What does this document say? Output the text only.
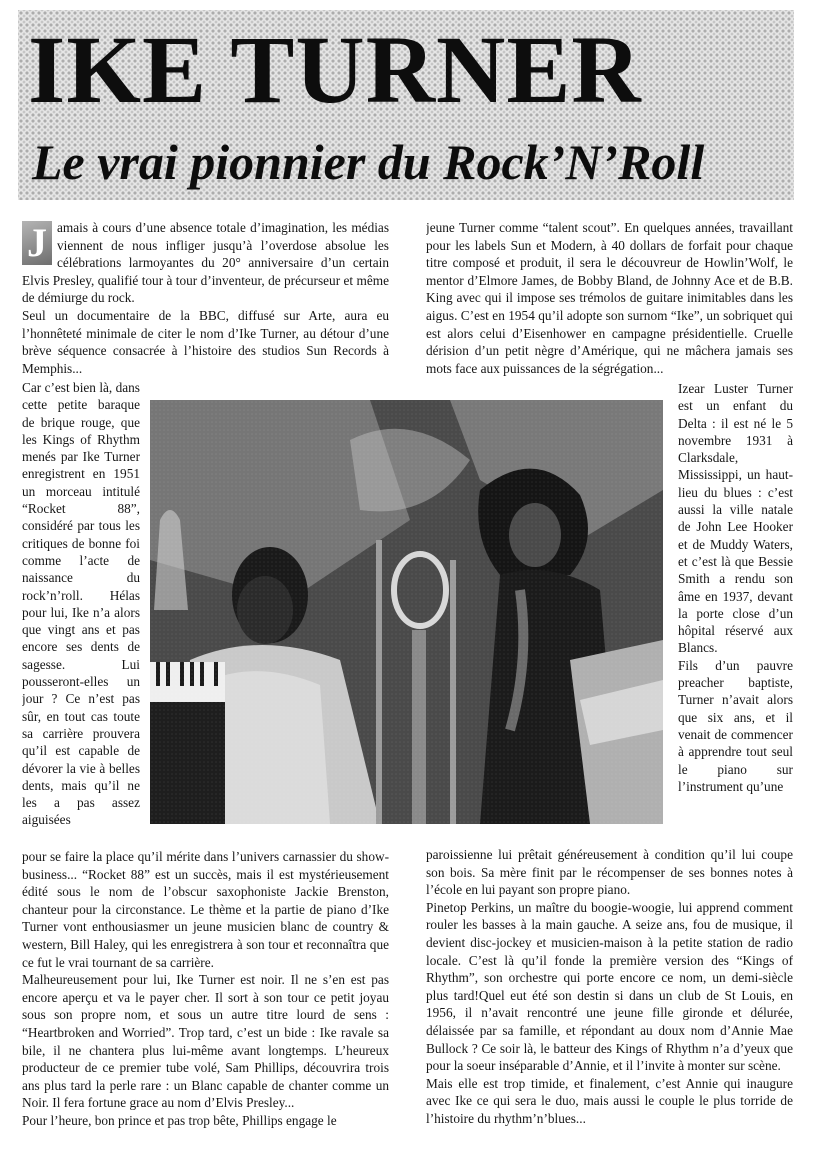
IKE TURNER
Le vrai pionnier du Rock’N’Roll

J amais à cours d’une absence totale d’imagination, les médias viennent de nous infliger jusqu’à l’overdose absolue les célébrations larmoyantes du 20° anniversaire d’un certain Elvis Presley, qualifié tour à tour d’inventeur, de précurseur et même de démiurge du rock.

Seul un documentaire de la BBC, diffusé sur Arte, aura eu l’honnêteté minimale de citer le nom d’Ike Turner, au détour d’une brève séquence consacrée à l’histoire des studios Sun Records à Memphis...

Car c’est bien là, dans cette petite baraque de brique rouge, que les Kings of Rhythm menés par Ike Turner enregistrent en 1951 un morceau intitulé “Rocket 88”, considéré par tous les critiques de bonne foi comme l’acte de naissance du rock’n’roll. Hélas pour lui, Ike n’a alors que vingt ans et pas encore ses dents de sagesse. Lui pousseront-elles un jour ? Ce n’est pas sûr, en tout cas toute sa carrière prouvera qu’il est capable de dévorer la vie à belles dents, mais qu’il ne les a pas assez aiguisées

pour se faire la place qu’il mérite dans l’univers carnassier du show-business... “Rocket 88” est un succès, mais il est mystérieusement édité sous le nom de l’obscur saxophoniste Jackie Brenston, chanteur pour la circonstance. Le thème et la partie de piano d’Ike Turner vont enthousiasmer un jeune musicien blanc de country & western, Bill Haley, qui les enregistrera à son tour et reconnaîtra que ce fut le vrai tournant de sa carrière.

Malheureusement pour lui, Ike Turner est noir. Il ne s’en est pas encore aperçu et va le payer cher. Il sort à son tour ce petit joyau sous son propre nom, et sous un autre titre lourd de sens : “Heartbroken and Worried”. Trop tard, c’est un bide : Ike ravale sa bile, il ne chantera plus lui-même avant longtemps. L’heureux producteur de ce premier tube volé, Sam Phillips, découvrira trois ans plus tard la perle rare : un Blanc capable de chanter comme un Noir. Il fera fortune grace au nom d’Elvis Presley...

Pour l’heure, bon prince et pas trop bête, Phillips engage le

jeune Turner comme “talent scout”. En quelques années, travaillant pour les labels Sun et Modern, à 40 dollars de forfait pour chaque titre composé et produit, il sera le découvreur de Howlin’Wolf, le mentor d’Elmore James, de Bobby Bland, de Johnny Ace et de B.B. King avec qui il impose ses trémolos de guitare inimitables dans les aigus. C’est en 1954 qu’il adopte son surnom “Ike”, un sobriquet qui est alors celui d’Eisenhower en campagne présidentielle. Cruelle dérision d’un petit nègre d’Amérique, qui ne mâchera jamais ses mots face aux puissances de la ségrégation...

Izear Luster Turner est un enfant du Delta : il est né le 5 novembre 1931 à Clarksdale, Mississippi, un haut-lieu du blues : c’est aussi la ville natale de John Lee Hooker et de Muddy Waters, et c’est là que Bessie Smith a rendu son âme en 1937, devant la porte close d’un hôpital réservé aux Blancs.

Fils d’un pauvre preacher baptiste, Turner n’avait alors que six ans, et il venait de commencer à apprendre tout seul le piano sur l’instrument qu’une

paroissienne lui prêtait généreusement à condition qu’il lui coupe son bois. Sa mère finit par le récompenser de ses bonnes notes à l’école en lui payant son propre piano.

Pinetop Perkins, un maître du boogie-woogie, lui apprend comment rouler les basses à la main gauche. A seize ans, fou de musique, il devient disc-jockey et musicien-maison à la petite station de radio locale. C’est là qu’il fonde la première version des “Kings of Rhythm”, son orchestre qui porte encore ce nom, un demi-siècle plus tard!Quel eut été son destin si dans un club de St Louis, en 1956, il n’avait rencontré une jeune fille gironde et délurée, délaissée par sa famille, et répondant au doux nom d’Annie Mae Bullock ? Ce soir là, le batteur des Kings of Rhythm n’a d’yeux que pour la soeur inséparable d’Annie, et il l’invite à monter sur scène.

Mais elle est trop timide, et finalement, c’est Annie qui inaugure avec Ike ce qui sera le duo, mais aussi le couple le plus torride de l’histoire du rhythm’n’blues...
